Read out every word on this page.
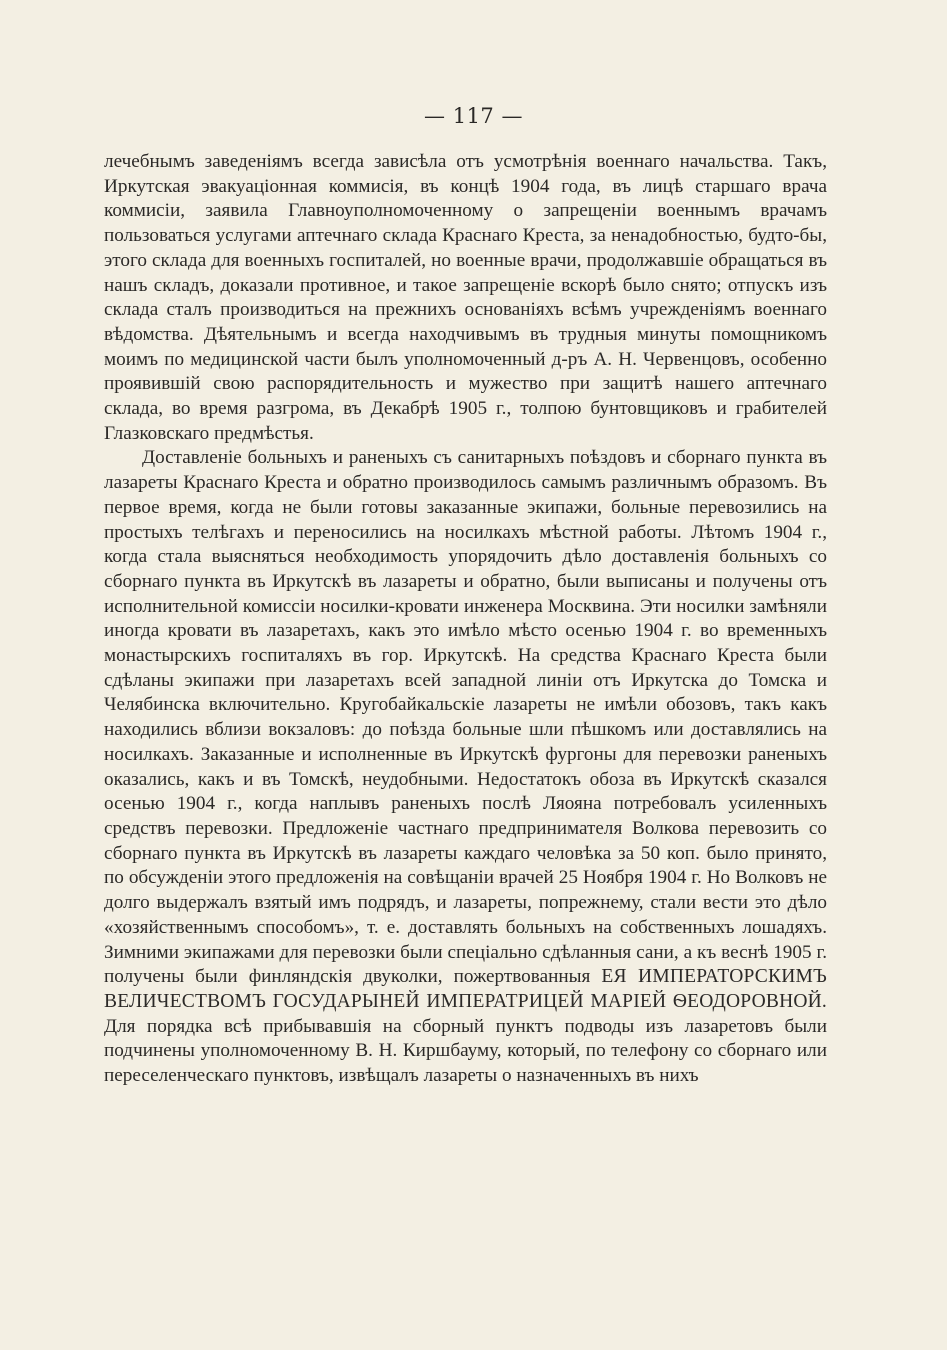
— 117 —

лечебнымъ заведеніямъ всегда зависѣла отъ усмотрѣнія военнаго начальства. Такъ, Иркутская эвакуаціонная коммисія, въ концѣ 1904 года, въ лицѣ старшаго врача коммисіи, заявила Главноуполномоченному о запрещеніи военнымъ врачамъ пользоваться услугами аптечнаго склада Краснаго Креста, за ненадобностью, будто-бы, этого склада для военныхъ госпиталей, но военные врачи, продолжавшіе обращаться въ нашъ складъ, доказали противное, и такое запрещеніе вскорѣ было снято; отпускъ изъ склада сталъ производиться на прежнихъ основаніяхъ всѣмъ учрежденіямъ военнаго вѣдомства. Дѣятельнымъ и всегда находчивымъ въ трудныя минуты помощникомъ моимъ по медицинской части былъ уполномоченный д-ръ А. Н. Червенцовъ, особенно проявившій свою распорядительность и мужество при защитѣ нашего аптечнаго склада, во время разгрома, въ Декабрѣ 1905 г., толпою бунтовщиковъ и грабителей Глазковскаго предмѣстья.

Доставленіе больныхъ и раненыхъ съ санитарныхъ поѣздовъ и сборнаго пункта въ лазареты Краснаго Креста и обратно производилось самымъ различнымъ образомъ. Въ первое время, когда не были готовы заказанные экипажи, больные перевозились на простыхъ телѣгахъ и переносились на носилкахъ мѣстной работы. Лѣтомъ 1904 г., когда стала выясняться необходимость упорядочить дѣло доставленія больныхъ со сборнаго пункта въ Иркутскѣ въ лазареты и обратно, были выписаны и получены отъ исполнительной комиссіи носилки-кровати инженера Москвина. Эти носилки замѣняли иногда кровати въ лазаретахъ, какъ это имѣло мѣсто осенью 1904 г. во временныхъ монастырскихъ госпиталяхъ въ гор. Иркутскѣ. На средства Краснаго Креста были сдѣланы экипажи при лазаретахъ всей западной линіи отъ Иркутска до Томска и Челябинска включительно. Кругобайкальскіе лазареты не имѣли обозовъ, такъ какъ находились вблизи вокзаловъ: до поѣзда больные шли пѣшкомъ или доставлялись на носилкахъ. Заказанные и исполненные въ Иркутскѣ фургоны для перевозки раненыхъ оказались, какъ и въ Томскѣ, неудобными. Недостатокъ обоза въ Иркутскѣ сказался осенью 1904 г., когда наплывъ раненыхъ послѣ Ляояна потребовалъ усиленныхъ средствъ перевозки. Предложеніе частнаго предпринимателя Волкова перевозить со сборнаго пункта въ Иркутскѣ въ лазареты каждаго человѣка за 50 коп. было принято, по обсужденіи этого предложенія на совѣщаніи врачей 25 Ноября 1904 г. Но Волковъ не долго выдержалъ взятый имъ подрядъ, и лазареты, попрежнему, стали вести это дѣло «хозяйственнымъ способомъ», т. е. доставлять больныхъ на собственныхъ лошадяхъ. Зимними экипажами для перевозки были спеціально сдѣланныя сани, а къ веснѣ 1905 г. получены были финляндскія двуколки, пожертвованныя ЕЯ ИМПЕРАТОРСКИМЪ ВЕЛИЧЕСТВОМЪ ГОСУДАРЫНЕЙ ИМПЕРАТРИЦЕЙ МАРІЕЙ ѲЕОДОРОВНОЙ. Для порядка всѣ прибывавшія на сборный пунктъ подводы изъ лазаретовъ были подчинены уполномоченному В. Н. Киршбауму, который, по телефону со сборнаго или переселенческаго пунктовъ, извѣщалъ лазареты о назначенныхъ въ нихъ
